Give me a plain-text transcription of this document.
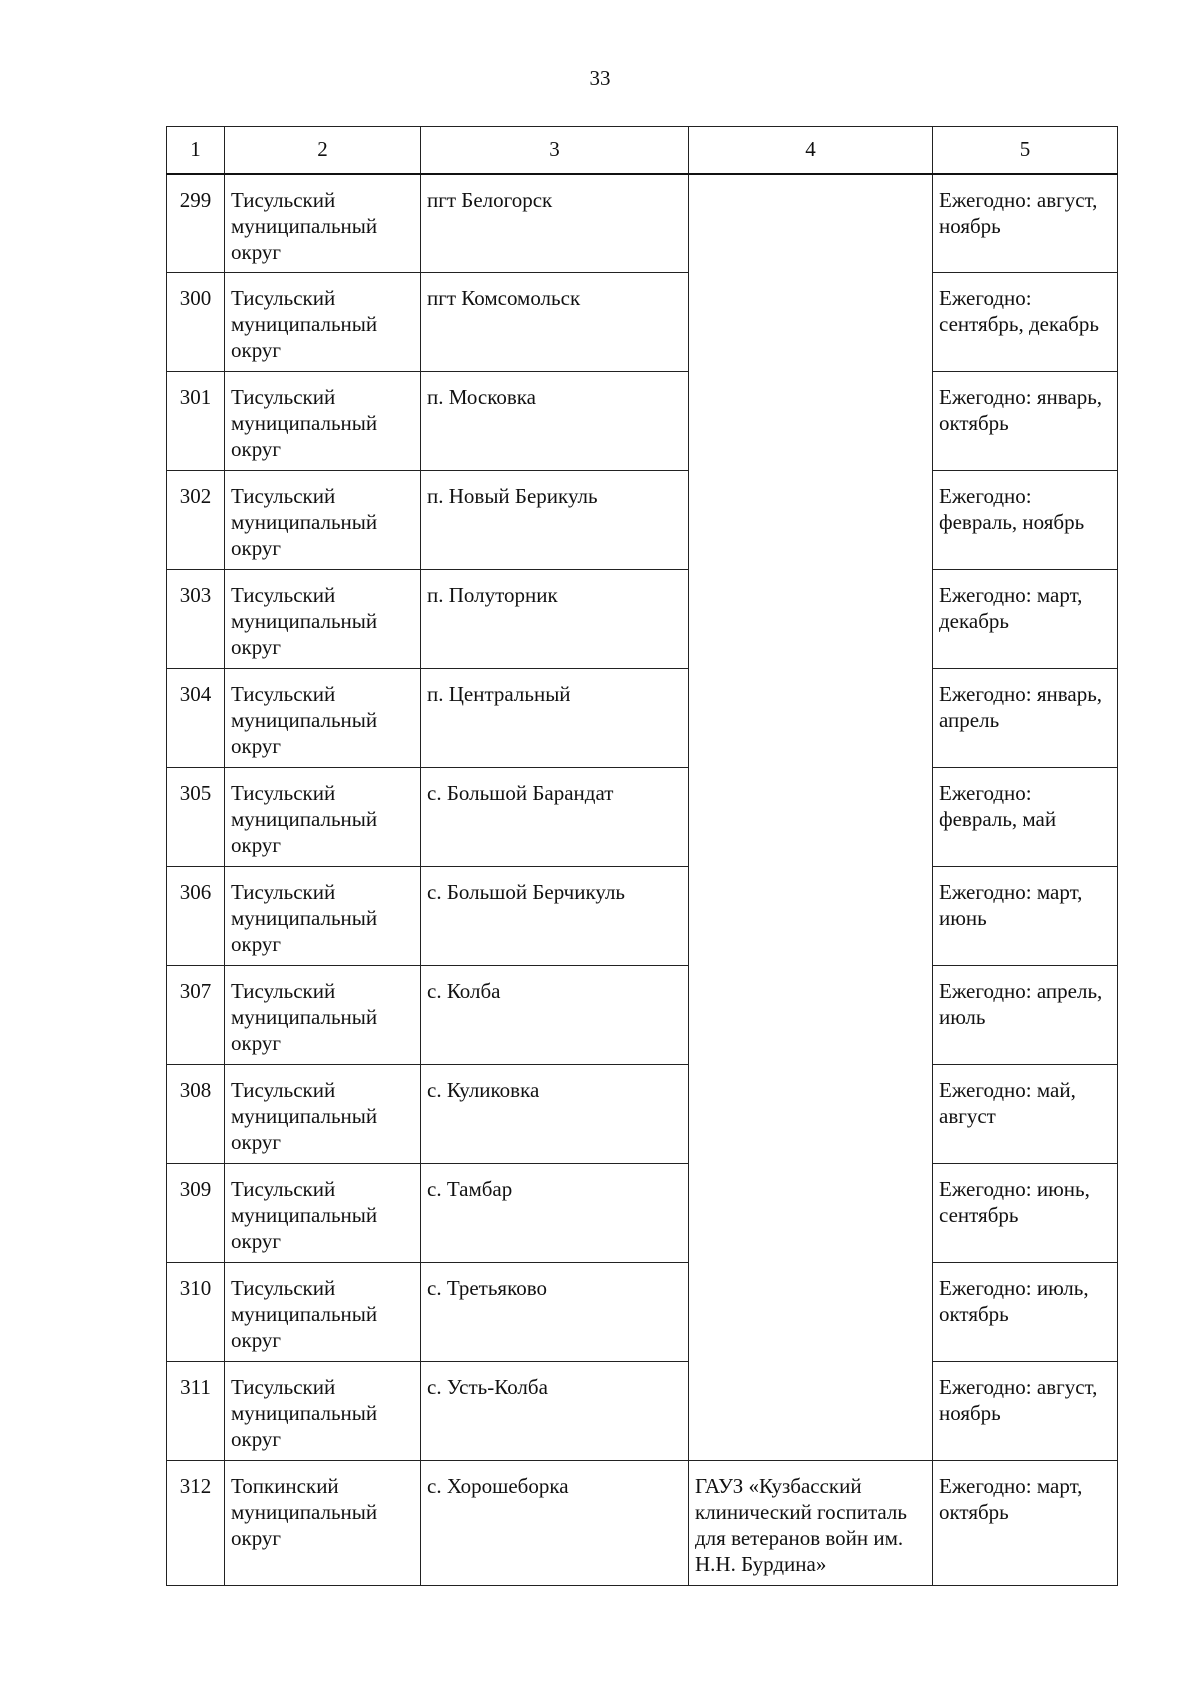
33
1	2	3	4	5
299	Тисульский муниципальный округ	пгт Белогорск		Ежегодно: август, ноябрь
300	Тисульский муниципальный округ	пгт Комсомольск		Ежегодно: сентябрь, декабрь
301	Тисульский муниципальный округ	п. Московка		Ежегодно: январь, октябрь
302	Тисульский муниципальный округ	п. Новый Берикуль		Ежегодно: февраль, ноябрь
303	Тисульский муниципальный округ	п. Полуторник		Ежегодно: март, декабрь
304	Тисульский муниципальный округ	п. Центральный		Ежегодно: январь, апрель
305	Тисульский муниципальный округ	с. Большой Барандат		Ежегодно: февраль, май
306	Тисульский муниципальный округ	с. Большой Берчикуль		Ежегодно: март, июнь
307	Тисульский муниципальный округ	с. Колба		Ежегодно: апрель, июль
308	Тисульский муниципальный округ	с. Куликовка		Ежегодно: май, август
309	Тисульский муниципальный округ	с. Тамбар		Ежегодно: июнь, сентябрь
310	Тисульский муниципальный округ	с. Третьяково		Ежегодно: июль, октябрь
311	Тисульский муниципальный округ	с. Усть-Колба		Ежегодно: август, ноябрь
312	Топкинский муниципальный округ	с. Хорошеборка	ГАУЗ «Кузбасский клинический госпиталь для ветеранов войн им. Н.Н. Бурдина»	Ежегодно: март, октябрь
